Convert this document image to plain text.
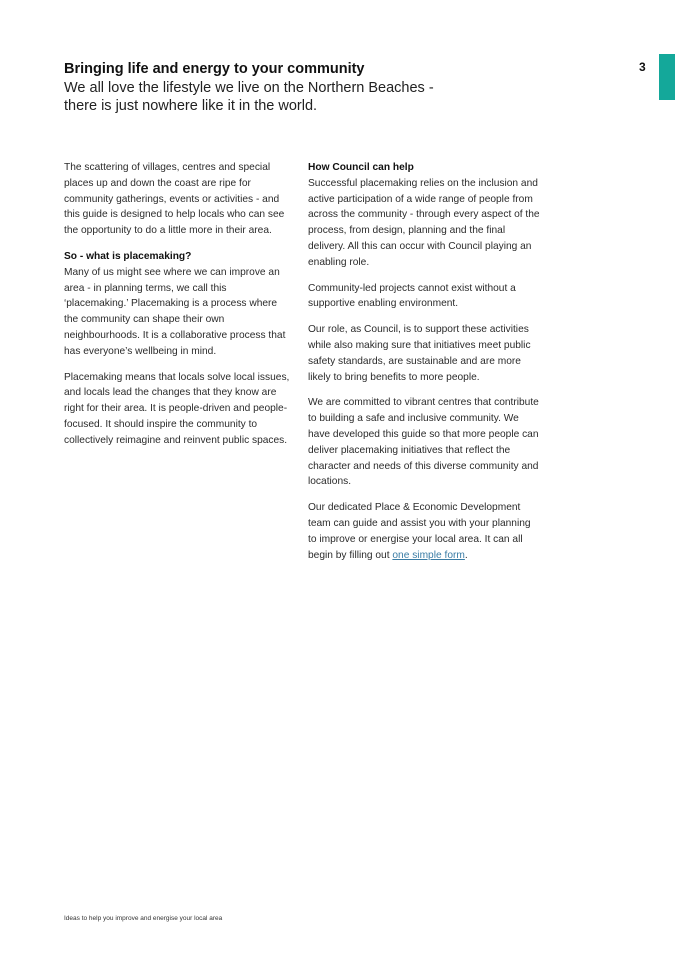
3
Bringing life and energy to your community
We all love the lifestyle we live on the Northern Beaches -
there is just nowhere like it in the world.

The scattering of villages, centres and special places up and down the coast are ripe for community gatherings, events or activities - and this guide is designed to help locals who can see the opportunity to do a little more in their area.

So - what is placemaking?

Many of us might see where we can improve an area - in planning terms, we call this ‘placemaking.’ Placemaking is a process where the community can shape their own neighbourhoods. It is a collaborative process that has everyone’s wellbeing in mind.

Placemaking means that locals solve local issues, and locals lead the changes that they know are right for their area. It is people-driven and people-focused. It should inspire the community to collectively reimagine and reinvent public spaces.

How Council can help

Successful placemaking relies on the inclusion and active participation of a wide range of people from across the community - through every aspect of the process, from design, planning and the final delivery. All this can occur with Council playing an enabling role.

Community-led projects cannot exist without a supportive enabling environment.

Our role, as Council, is to support these activities while also making sure that initiatives meet public safety standards, are sustainable and are more likely to bring benefits to more people.

We are committed to vibrant centres that contribute to building a safe and inclusive community. We have developed this guide so that more people can deliver placemaking initiatives that reflect the character and needs of this diverse community and locations.

Our dedicated Place & Economic Development team can guide and assist you with your planning to improve or energise your local area. It can all begin by filling out one simple form.

Ideas to help you improve and energise your local area
